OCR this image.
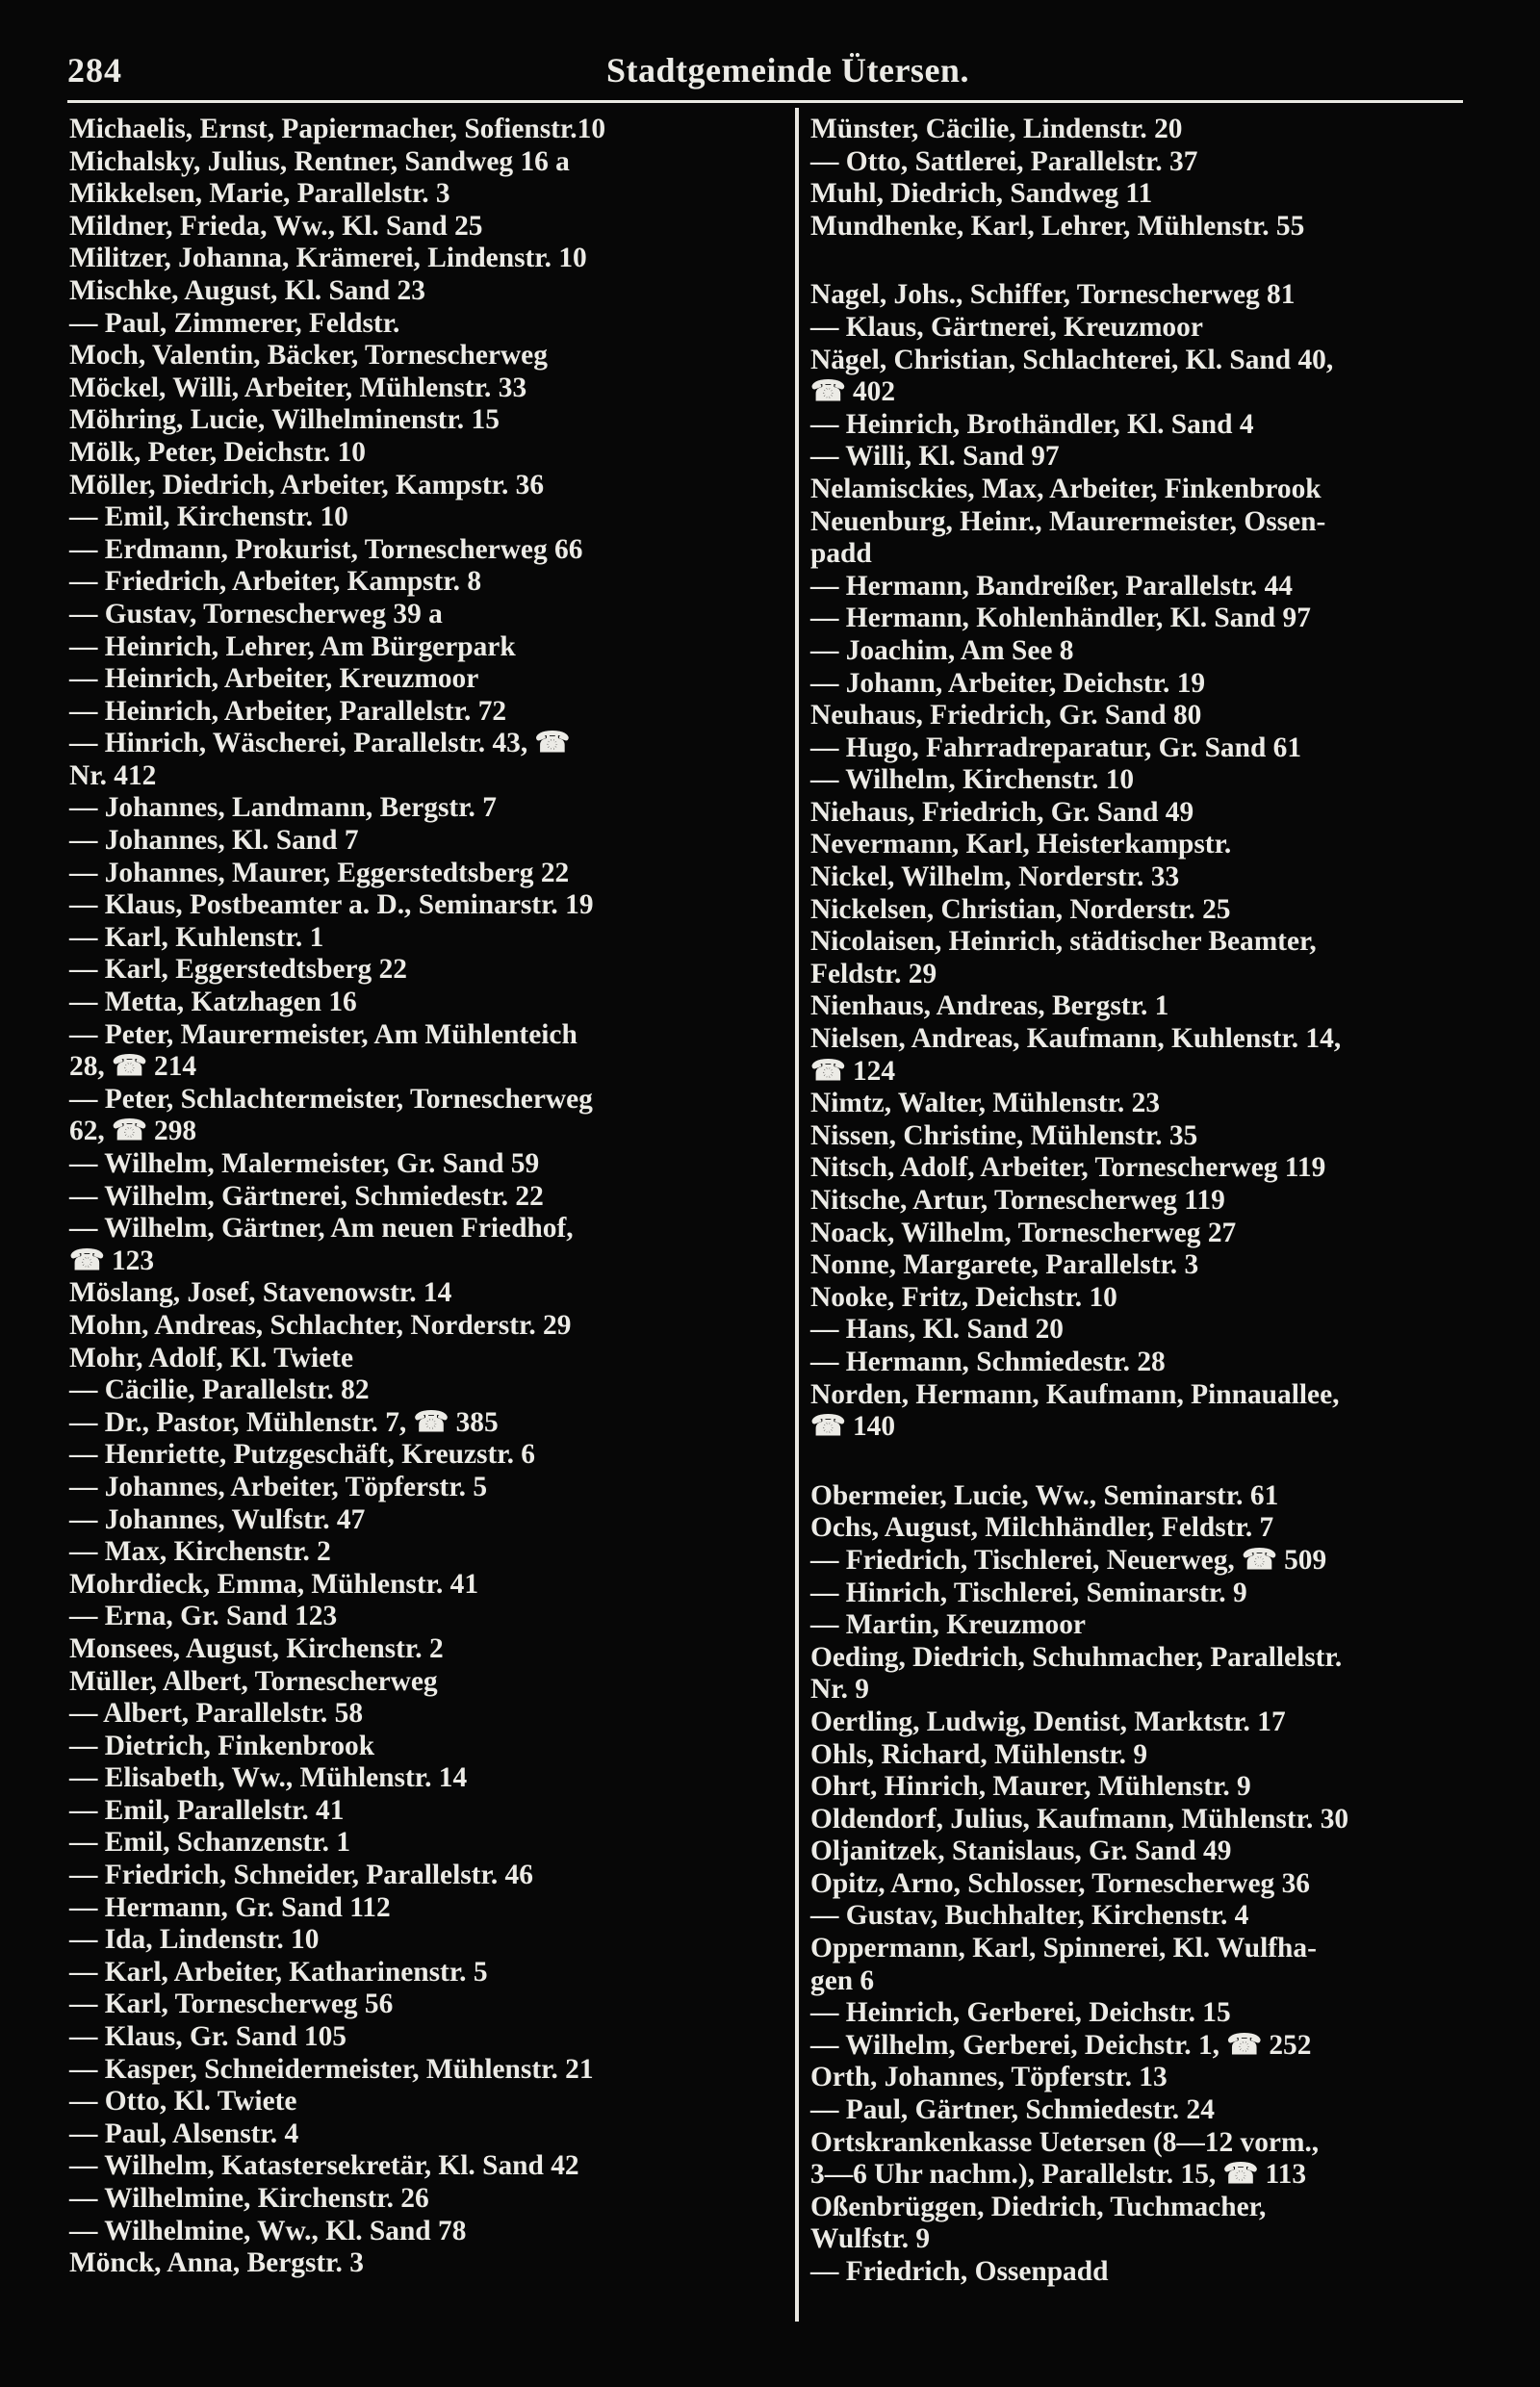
284	Stadtgemeinde Ütersen.
Michaelis, Ernst, Papiermacher, Sofienstr.10
Michalsky, Julius, Rentner, Sandweg 16 a
Mikkelsen, Marie, Parallelstr. 3
Mildner, Frieda, Ww., Kl. Sand 25
Militzer, Johanna, Krämerei, Lindenstr. 10
Mischke, August, Kl. Sand 23
— Paul, Zimmerer, Feldstr.
Moch, Valentin, Bäcker, Tornescherweg
Möckel, Willi, Arbeiter, Mühlenstr. 33
Möhring, Lucie, Wilhelminenstr. 15
Mölk, Peter, Deichstr. 10
Möller, Diedrich, Arbeiter, Kampstr. 36
— Emil, Kirchenstr. 10
— Erdmann, Prokurist, Tornescherweg 66
— Friedrich, Arbeiter, Kampstr. 8
— Gustav, Tornescherweg 39 a
— Heinrich, Lehrer, Am Bürgerpark
— Heinrich, Arbeiter, Kreuzmoor
— Heinrich, Arbeiter, Parallelstr. 72
— Hinrich, Wäscherei, Parallelstr. 43, ☎
Nr. 412
— Johannes, Landmann, Bergstr. 7
— Johannes, Kl. Sand 7
— Johannes, Maurer, Eggerstedtsberg 22
— Klaus, Postbeamter a. D., Seminarstr. 19
— Karl, Kuhlenstr. 1
— Karl, Eggerstedtsberg 22
— Metta, Katzhagen 16
— Peter, Maurermeister, Am Mühlenteich
28, ☎ 214
— Peter, Schlachtermeister, Tornescherweg
62, ☎ 298
— Wilhelm, Malermeister, Gr. Sand 59
— Wilhelm, Gärtnerei, Schmiedestr. 22
— Wilhelm, Gärtner, Am neuen Friedhof,
☎ 123
Möslang, Josef, Stavenowstr. 14
Mohn, Andreas, Schlachter, Norderstr. 29
Mohr, Adolf, Kl. Twiete
— Cäcilie, Parallelstr. 82
— Dr., Pastor, Mühlenstr. 7, ☎ 385
— Henriette, Putzgeschäft, Kreuzstr. 6
— Johannes, Arbeiter, Töpferstr. 5
— Johannes, Wulfstr. 47
— Max, Kirchenstr. 2
Mohrdieck, Emma, Mühlenstr. 41
— Erna, Gr. Sand 123
Monsees, August, Kirchenstr. 2
Müller, Albert, Tornescherweg
— Albert, Parallelstr. 58
— Dietrich, Finkenbrook
— Elisabeth, Ww., Mühlenstr. 14
— Emil, Parallelstr. 41
— Emil, Schanzenstr. 1
— Friedrich, Schneider, Parallelstr. 46
— Hermann, Gr. Sand 112
— Ida, Lindenstr. 10
— Karl, Arbeiter, Katharinenstr. 5
— Karl, Tornescherweg 56
— Klaus, Gr. Sand 105
— Kasper, Schneidermeister, Mühlenstr. 21
— Otto, Kl. Twiete
— Paul, Alsenstr. 4
— Wilhelm, Katastersekretär, Kl. Sand 42
— Wilhelmine, Kirchenstr. 26
— Wilhelmine, Ww., Kl. Sand 78
Mönck, Anna, Bergstr. 3
Münster, Cäcilie, Lindenstr. 20
— Otto, Sattlerei, Parallelstr. 37
Muhl, Diedrich, Sandweg 11
Mundhenke, Karl, Lehrer, Mühlenstr. 55
Nagel, Johs., Schiffer, Tornescherweg 81
— Klaus, Gärtnerei, Kreuzmoor
Nägel, Christian, Schlachterei, Kl. Sand 40,
☎ 402
— Heinrich, Brothändler, Kl. Sand 4
— Willi, Kl. Sand 97
Nelamisckies, Max, Arbeiter, Finkenbrook
Neuenburg, Heinr., Maurermeister, Ossen-
padd
— Hermann, Bandreißer, Parallelstr. 44
— Hermann, Kohlenhändler, Kl. Sand 97
— Joachim, Am See 8
— Johann, Arbeiter, Deichstr. 19
Neuhaus, Friedrich, Gr. Sand 80
— Hugo, Fahrradreparatur, Gr. Sand 61
— Wilhelm, Kirchenstr. 10
Niehaus, Friedrich, Gr. Sand 49
Nevermann, Karl, Heisterkampstr.
Nickel, Wilhelm, Norderstr. 33
Nickelsen, Christian, Norderstr. 25
Nicolaisen, Heinrich, städtischer Beamter,
Feldstr. 29
Nienhaus, Andreas, Bergstr. 1
Nielsen, Andreas, Kaufmann, Kuhlenstr. 14,
☎ 124
Nimtz, Walter, Mühlenstr. 23
Nissen, Christine, Mühlenstr. 35
Nitsch, Adolf, Arbeiter, Tornescherweg 119
Nitsche, Artur, Tornescherweg 119
Noack, Wilhelm, Tornescherweg 27
Nonne, Margarete, Parallelstr. 3
Nooke, Fritz, Deichstr. 10
— Hans, Kl. Sand 20
— Hermann, Schmiedestr. 28
Norden, Hermann, Kaufmann, Pinnauallee,
☎ 140
Obermeier, Lucie, Ww., Seminarstr. 61
Ochs, August, Milchhändler, Feldstr. 7
— Friedrich, Tischlerei, Neuerweg, ☎ 509
— Hinrich, Tischlerei, Seminarstr. 9
— Martin, Kreuzmoor
Oeding, Diedrich, Schuhmacher, Parallelstr.
Nr. 9
Oertling, Ludwig, Dentist, Marktstr. 17
Ohls, Richard, Mühlenstr. 9
Ohrt, Hinrich, Maurer, Mühlenstr. 9
Oldendorf, Julius, Kaufmann, Mühlenstr. 30
Oljanitzek, Stanislaus, Gr. Sand 49
Opitz, Arno, Schlosser, Tornescherweg 36
— Gustav, Buchhalter, Kirchenstr. 4
Oppermann, Karl, Spinnerei, Kl. Wulfha-
gen 6
— Heinrich, Gerberei, Deichstr. 15
— Wilhelm, Gerberei, Deichstr. 1, ☎ 252
Orth, Johannes, Töpferstr. 13
— Paul, Gärtner, Schmiedestr. 24
Ortskrankenkasse Uetersen (8—12 vorm.,
3—6 Uhr nachm.), Parallelstr. 15, ☎ 113
Oßenbrüggen, Diedrich, Tuchmacher,
Wulfstr. 9
— Friedrich, Ossenpadd
